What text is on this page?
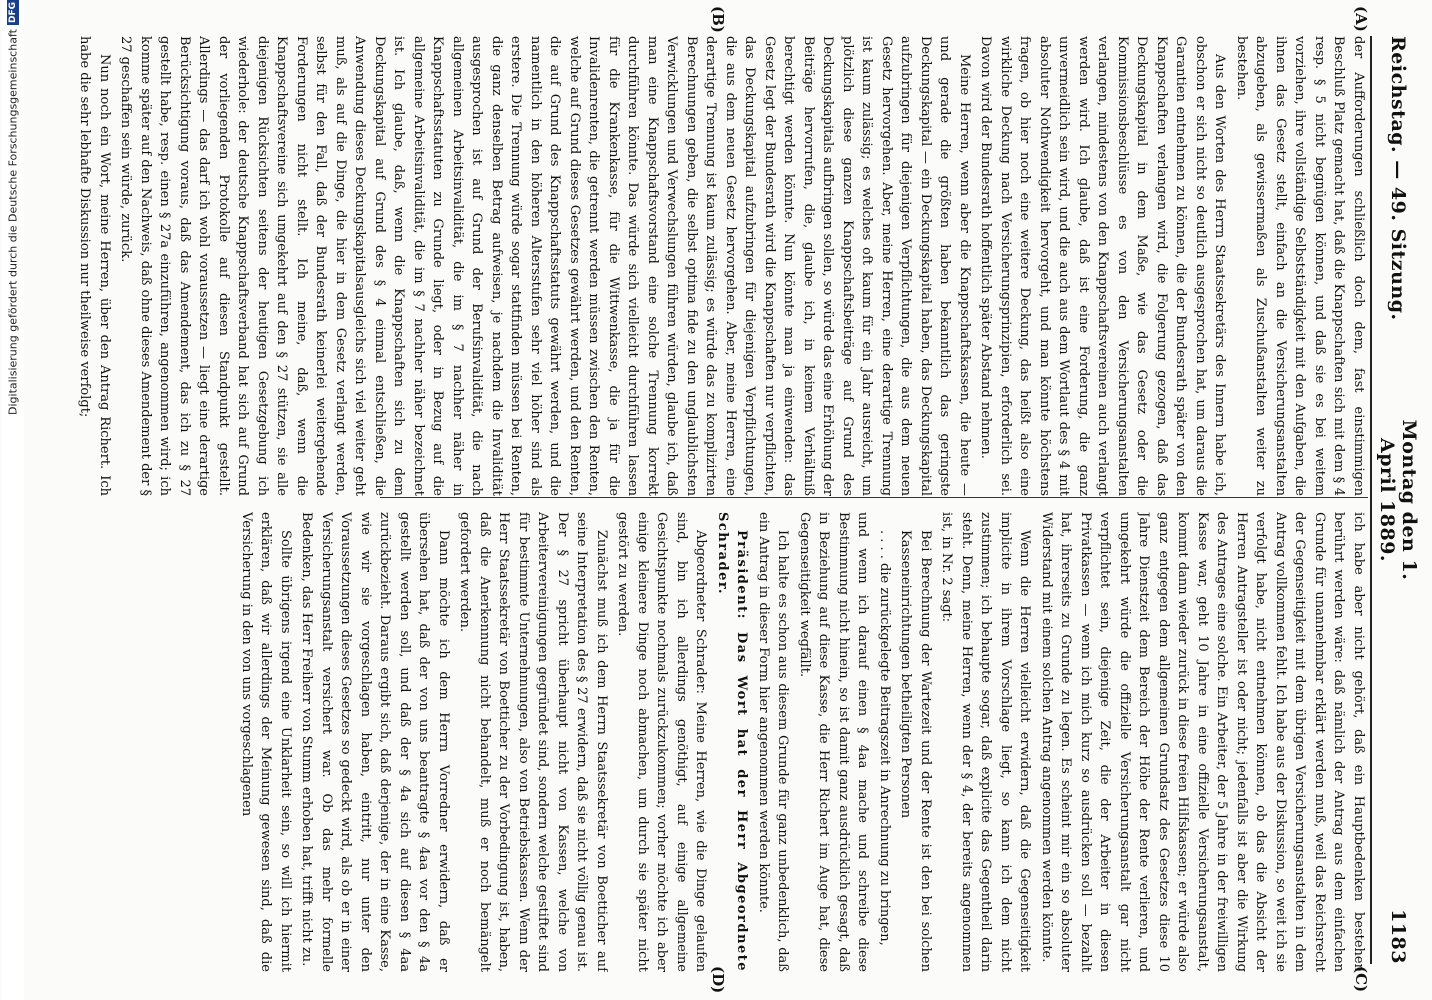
Reichstag. — 49. Sitzung.
Montag den 1. April 1889.
1183
(A)
(B)
(C)
(D)

der Aufforderungen schließlich doch dem, fast einstimmigen Beschluß Platz gemacht hat, daß die Knappschaften sich mit dem § 4 resp. § 5 nicht begnügen können, und daß sie es bei weitem vorziehen, ihre vollständige Selbstständigkeit mit den Aufgaben, die ihnen das Gesetz stellt, einfach an die Versicherungsanstalten abzugeben, als gewissermaßen als Zuschußanstalten weiter zu bestehen.

Aus den Worten des Herrn Staatssekretärs des Innern habe ich, obschon er sich nicht so deutlich ausgesprochen hat, um daraus die Garantien entnehmen zu können, die der Bundesrath später von den Knappschaften verlangen wird, die Folgerung gezogen, daß das Deckungskapital in dem Maße, wie das Gesetz oder die Kommissionsbeschlüsse es von den Versicherungsanstalten verlangen, mindestens von den Knappschaftsvereinen auch verlangt werden wird. Ich glaube, daß ist eine Forderung, die ganz unvermeidlich sein wird, und die auch aus dem Wortlaut des § 4 mit absoluter Nothwendigkeit hervorgeht, und man könnte höchstens fragen, ob hier noch eine weitere Deckung, das heißt also eine wirkliche Deckung nach Versicherungsprinzipien, erforderlich sei. Davon wird der Bundesrath hoffentlich später Abstand nehmen.

Meine Herren, wenn aber die Knappschaftskassen, die heute — und gerade die größten haben bekanntlich das geringste Deckungskapital — ein Deckungskapital haben, das Deckungskapital aufzubringen für diejenigen Verpflichtungen, die aus dem neuen Gesetz hervorgehen. Aber, meine Herren, eine derartige Trennung ist kaum zulässig; es welches oft kaum für ein Jahr ausreicht, um plötzlich diese ganzen Knappschaftsbeiträge auf Grund des Deckungskapitals aufbringen sollen, so würde das eine Erhöhung der Beiträge hervorrufen, die, glaube ich, in keinem Verhältniß berechtigt werden könnte. Nun könnte man ja einwenden: das Gesetz legt der Bundesrath wird die Knappschaften nur verpflichten, das Deckungskapital aufzubringen für diejenigen Verpflichtungen, die aus dem neuen Gesetz hervorgehen. Aber, meine Herren, eine derartige Trennung ist kaum zulässig; es würde das zu komplizirten Berechnungen geben, die selbst optima fide zu den unglaublichsten Verwicklungen und Verwechslungen führen würden, glaube ich, daß man eine Knappschaftsvorstand eine solche Trennung korrekt durchführen könnte. Das würde sich vielleicht durchführen lassen für die Krankenkasse, für die Wittwenkasse, die ja für die Invalidenrenten, die getrennt werden müssen zwischen den Renten, welche auf Grund dieses Gesetzes gewährt werden, und den Renten, die auf Grund des Knappschaftsstatuts gewährt werden, und die namentlich in den höheren Altersstufen sehr viel höher sind als erstere. Die Trennung würde sogar stattfinden müssen bei Renten, die ganz denselben Betrag aufweisen, je nachdem die Invalidität ausgesprochen ist auf Grund der Berufsinvalidität, die nach allgemeinen Arbeitsinvalidität, die im § 7 nachher näher in Knappschaftsstatuten zu Grunde liegt, oder in Bezug auf die allgemeine Arbeitsinvalidität, die im § 7 nachher näher bezeichnet ist. Ich glaube, daß, wenn die Knappschaften sich zu dem Deckungskapital auf Grund des § 4 einmal entschließen, die Anwendung dieses Deckungskapitalsausgleichs sich viel weiter geht muß, als auf die Dinge, die hier in dem Gesetz verlangt werden, selbst für den Fall, daß der Bundesrath keinerlei weitergehende Forderungen nicht stellt. Ich meine, daß, wenn die Knappschaftsvereine sich umgekehrt auf den § 27 stützen, sie alle diejenigen Rücksichten seitens der heutigen Gesetzgebung ich wiederhole: der deutsche Knappschaftsverband hat sich auf Grund der vorliegenden Protokolle auf diesen Standpunkt gestellt. Allerdings — das darf ich wohl voraussetzen — liegt eine derartige Berücksichtigung voraus, daß das Amendement, das ich zu § 27 gestellt habe, resp. einen § 27a einzuführen, angenommen wird; ich komme später auf den Nachweis, daß ohne dieses Amendement der § 27 geschaffen sein würde, zurück.

Nun noch ein Wort, meine Herren, über den Antrag Richert. Ich habe die sehr lebhafte Diskussion nur theilweise verfolgt;

ich habe aber nicht gehört, daß ein Hauptbedenken bestehen berührt werden wäre: daß nämlich der Antrag aus dem einfachen Grunde für unannehmbar erklärt werden muß, weil das Reichsrecht der Gegenseitigkeit mit dem übrigen Versicherungsanstalten in dem Antrag vollkommen fehlt. Ich habe aus der Diskussion, so weit ich sie verfolgt habe, nicht entnehmen können, ob das die Absicht der Herren Antragsteller ist oder nicht; jedenfalls ist aber die Wirkung des Antrages eine solche. Ein Arbeiter, der 5 Jahre in der freiwilligen Kasse war, geht 10 Jahre in eine offizielle Versicherungsanstalt, kommt dann wieder zurück in diese freien Hilfskassen; er würde also ganz entgegen dem allgemeinen Grundsatz des Gesetzes diese 10 Jahre Dienstzeit dem Bereich der Höhe der Rente verlieren, und umgekehrt würde die offizielle Versicherungsanstalt gar nicht verpflichtet sein, diejenige Zeit, die der Arbeiter in diesen Privatkassen — wenn ich mich kurz so ausdrücken soll — bezahlt hat, ihrerseits zu Grunde zu legen. Es scheint mir ein so absoluter Widerstand mit einem solchen Antrag angenommen werden könnte.

Wenn die Herren vielleicht erwidern, daß die Gegenseitigkeit implicite in ihrem Vorschlage liegt, so kann ich dem nicht zustimmen; ich behaupte sogar, daß explicite das Gegentheil darin steht. Denn, meine Herren, wenn der § 4, der bereits angenommen ist, in Nr. 2 sagt:

Bei Berechnung der Wartezeit und der Rente ist den bei solchen Kasseneinrichtungen betheiligten Personen

. . . . die zurückgelegte Beitragszeit in Anrechnung zu bringen,

und wenn ich darauf einen § 4aa mache und schreibe diese Bestimmung nicht hinein, so ist damit ganz ausdrücklich gesagt, daß in Beziehung auf diese Kasse, die Herr Richert im Auge hat, diese Gegenseitigkeit wegfällt.

Ich halte es schon aus diesem Grunde für ganz unbedenklich, daß ein Antrag in dieser Form hier angenommen werden könnte.

Präsident: Das Wort hat der Herr Abgeordnete Schrader.

Abgeordneter Schrader: Meine Herren, wie die Dinge gelaufen sind, bin ich allerdings genöthigt, auf einige allgemeine Gesichtspunkte nochmals zurückzukommen; vorher möchte ich aber einige kleinere Dinge noch abmachen, um durch sie später nicht gestört zu werden.

Zunächst muß ich dem Herrn Staatssekretär von Boetticher auf seine Interpretation des § 27 erwidern, daß sie nicht völlig genau ist. Der § 27 spricht überhaupt nicht von Kassen, welche von Arbeitervereinigungen gegründet sind, sondern welche gestiftet sind für bestimmte Unternehmungen, also von Betriebskassen. Wenn der Herr Staatssekretär von Boetticher zu der Vorbedingung ist, haben, daß die Anerkennung nicht behandelt, muß er noch bemängelt gefordert werden.

Dann möchte ich dem Herrn Vorredner erwidern, daß er übersehen hat, daß der von uns beantragte § 4aa vor den § 4a gestellt werden soll, und daß der § 4a sich auf diesen § 4aa zurückbezieht. Daraus ergibt sich, daß derjenige, der in eine Kasse, wie wir sie vorgeschlagen haben, eintritt, nur unter den Voraussetzungen dieses Gesetzes so gedeckt wird, als ob er in einer Versicherungsanstalt versichert war. Ob das mehr formelle Bedenken, das Herr Freiherr von Stumm erhoben hat, trifft nicht zu.

Sollte übrigens irgend eine Unklarheit sein, so will ich hiermit erklären, daß wir allerdings der Meinung gewesen sind, daß die Versicherung in den von uns vorgeschlagenen

Digitalisierung gefördert durch die Deutsche Forschungsgemeinschaft
DFG
